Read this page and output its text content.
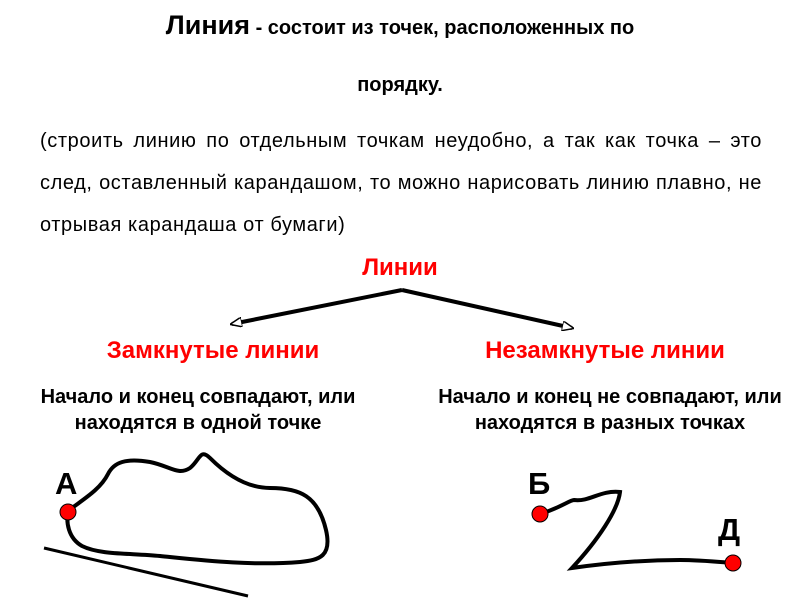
Линия - состоит из точек, расположенных по
порядку.
(строить линию по отдельным точкам неудобно, а так как точка – это след, оставленный карандашом, то можно нарисовать линию плавно, не отрывая карандаша от бумаги)
Линии
Замкнутые линии	Незамкнутые линии
Начало и конец совпадают, или находятся в одной точке
Начало и конец не совпадают, или находятся в разных точках
А	Б
Д
